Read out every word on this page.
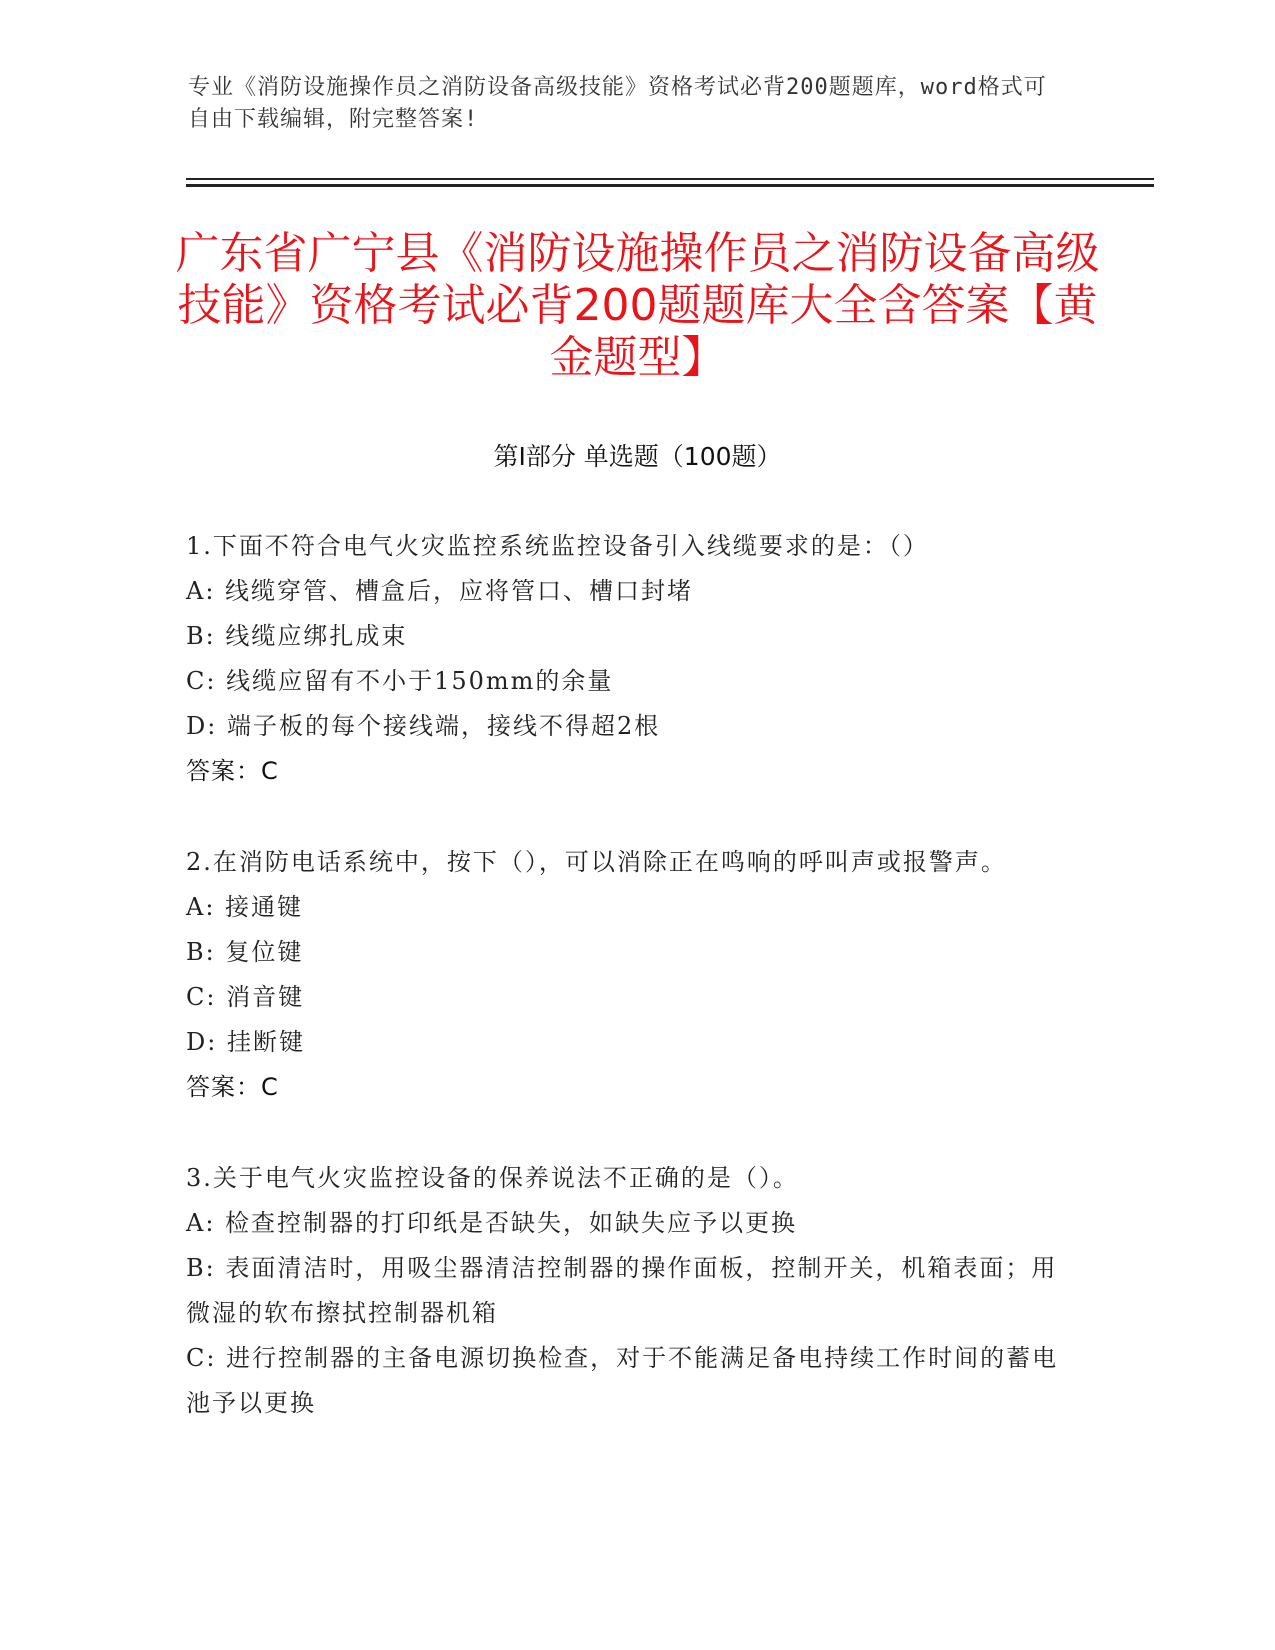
专业《消防设施操作员之消防设备高级技能》资格考试必背200题题库，word格式可自由下载编辑，附完整答案!
广东省广宁县《消防设施操作员之消防设备高级技能》资格考试必背200题题库大全含答案【黄金题型】
第Ⅰ部分 单选题（100题）

1.下面不符合电气火灾监控系统监控设备引入线缆要求的是：（）

A: 线缆穿管、槽盒后，应将管口、槽口封堵

B: 线缆应绑扎成束

C: 线缆应留有不小于150mm的余量

D: 端子板的每个接线端，接线不得超2根

答案：C

2.在消防电话系统中，按下（），可以消除正在鸣响的呼叫声或报警声。

A: 接通键

B: 复位键

C: 消音键

D: 挂断键

答案：C

3.关于电气火灾监控设备的保养说法不正确的是（）。

A: 检查控制器的打印纸是否缺失，如缺失应予以更换

B: 表面清洁时，用吸尘器清洁控制器的操作面板，控制开关，机箱表面；用微湿的软布擦拭控制器机箱

C: 进行控制器的主备电源切换检查，对于不能满足备电持续工作时间的蓄电池予以更换
